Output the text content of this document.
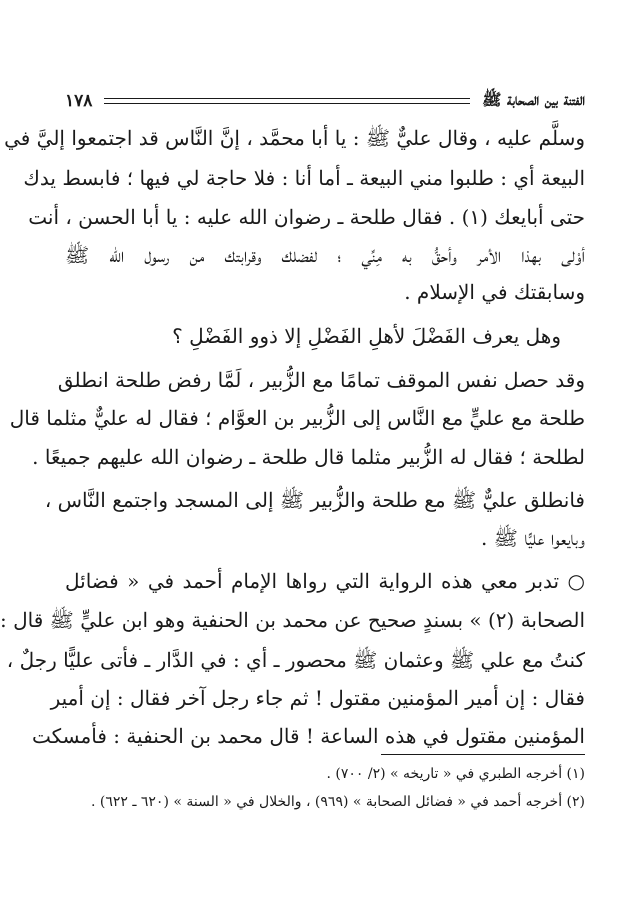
الفتنة بين الصحابة ﷺ
١٧٨
وسلَّم عليه ، وقال عليٌّ ﷺ : يا أبا محمَّد ، إنَّ النَّاس قد اجتمعوا إليَّ في
البيعة أي : طلبوا مني البيعة ـ أما أنا : فلا حاجة لي فيها ؛ فابسط يدك
حتى أبايعك (١) . فقال طلحة ـ رضوان الله عليه : يا أبا الحسن ، أنت
أوْلى بهذا الأمر وأحقُّ به مِنِّي ؛ لفضلك وقرابتك من رسول الله ﷺ
وسابقتك في الإسلام .
وهل يعرف الفَضْلَ لأهلِ الفَضْلِ إلا ذوو الفَضْلِ ؟
وقد حصل نفس الموقف تمامًا مع الزُّبير ، لَمَّا رفض طلحة انطلق
طلحة مع عليٍّ مع النَّاس إلى الزُّبير بن العوَّام ؛ فقال له عليٌّ مثلما قال
لطلحة ؛ فقال له الزُّبير مثلما قال طلحة ـ رضوان الله عليهم جميعًا .
فانطلق عليٌّ ﷺ مع طلحة والزُّبير ﷺ إلى المسجد واجتمع النَّاس ،
وبايعوا عليًّا ﷺ .
○ تدبر معي هذه الرواية التي رواها الإمام أحمد في « فضائل
الصحابة (٢) » بسندٍ صحيح عن محمد بن الحنفية وهو ابن عليٍّ ﷺ قال :
كنتُ مع علي ﷺ وعثمان ﷺ محصور ـ أي : في الدَّار ـ فأتى عليًّا رجلٌ ،
فقال : إن أمير المؤمنين مقتول ! ثم جاء رجل آخر فقال : إن أمير
المؤمنين مقتول في هذه الساعة ! قال محمد بن الحنفية : فأمسكت
(١) أخرجه الطبري في « تاريخه » (٢/ ٧٠٠) .
(٢) أخرجه أحمد في « فضائل الصحابة » (٩٦٩) ، والخلال في « السنة » (٦٢٠ ـ ٦٢٢) .
